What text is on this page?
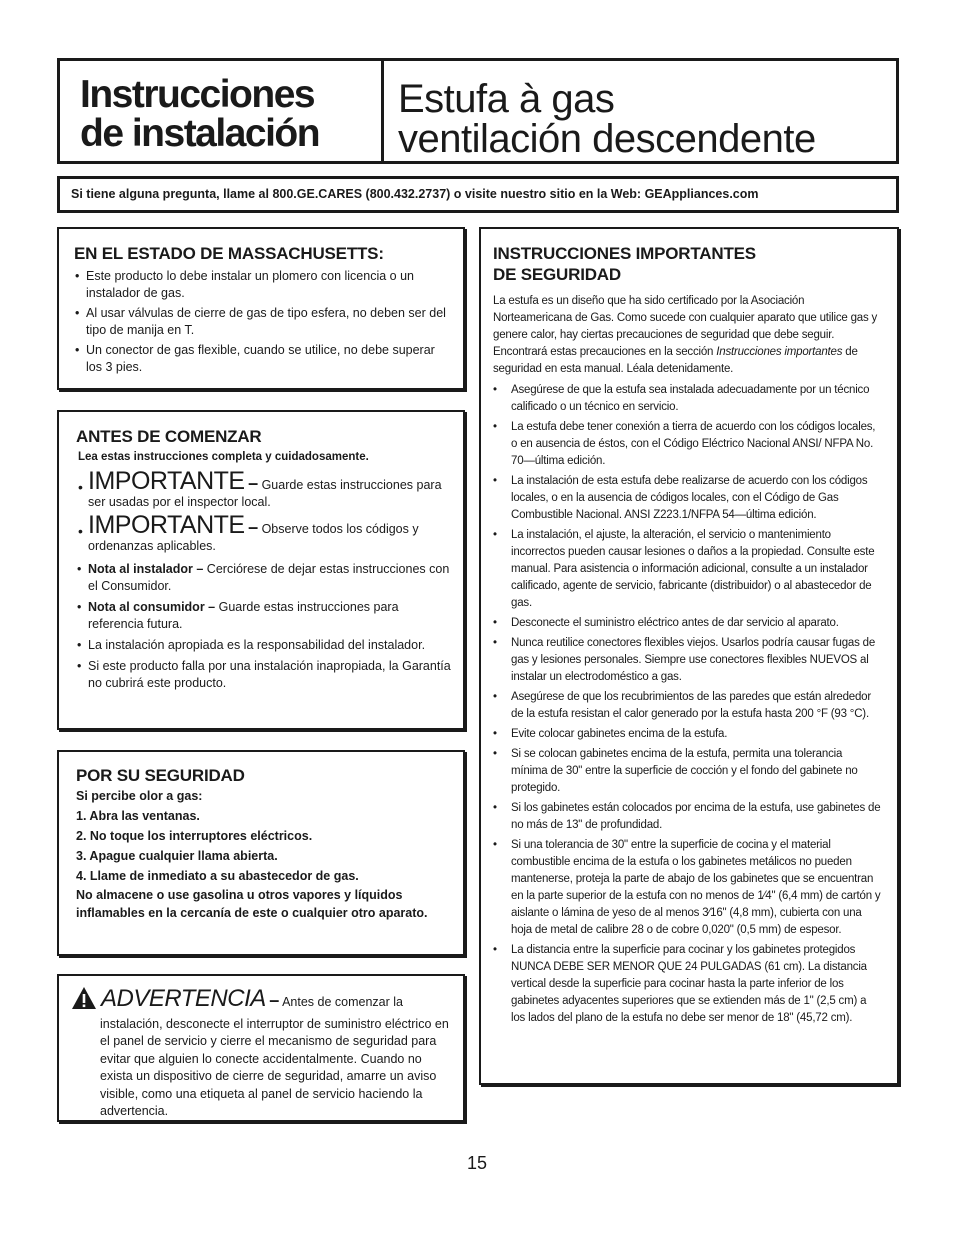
Instrucciones
de instalación
Estufa à gas
ventilación descendente
Si tiene alguna pregunta, llame al 800.GE.CARES (800.432.2737) o visite nuestro sitio en la Web: GEAppliances.com
EN EL ESTADO DE MASSACHUSETTS:
• Este producto lo debe instalar un plomero con licencia o un instalador de gas.
• Al usar válvulas de cierre de gas de tipo esfera, no deben ser del tipo de manija en T.
• Un conector de gas flexible, cuando se utilice, no debe superar los 3 pies.
ANTES DE COMENZAR
Lea estas instrucciones completa y cuidadosamente.
• IMPORTANTE – Guarde estas instrucciones para ser usadas por el inspector local.
• IMPORTANTE – Observe todos los códigos y ordenanzas aplicables.
• Nota al instalador – Cerciórese de dejar estas instrucciones con el Consumidor.
• Nota al consumidor – Guarde estas instrucciones para referencia futura.
• La instalación apropiada es la responsabilidad del instalador.
• Si este producto falla por una instalación inapropiada, la Garantía no cubrirá este producto.
POR SU SEGURIDAD
Si percibe olor a gas:
1. Abra las ventanas.
2. No toque los interruptores eléctricos.
3. Apague cualquier llama abierta.
4. Llame de inmediato a su abastecedor de gas.
No almacene o use gasolina u otros vapores y líquidos inflamables en la cercanía de este o cualquier otro aparato.
ADVERTENCIA – Antes de comenzar la
instalación, desconecte el interruptor de suministro eléctrico en el panel de servicio y cierre el mecanismo de seguridad para evitar que alguien lo conecte accidentalmente. Cuando no exista un dispositivo de cierre de seguridad, amarre un aviso visible, como una etiqueta al panel de servicio haciendo la advertencia.
INSTRUCCIONES IMPORTANTES
DE SEGURIDAD
La estufa es un diseño que ha sido certificado por la Asociación Norteamericana de Gas. Como sucede con cualquier aparato que utilice gas y genere calor, hay ciertas precauciones de seguridad que debe seguir. Encontrará estas precauciones en la sección Instrucciones importantes de seguridad en esta manual. Léala detenidamente.
• Asegúrese de que la estufa sea instalada adecuadamente por un técnico calificado o un técnico en servicio.
• La estufa debe tener conexión a tierra de acuerdo con los códigos locales, o en ausencia de éstos, con el Código Eléctrico Nacional ANSI/ NFPA No. 70—última edición.
• La instalación de esta estufa debe realizarse de acuerdo con los códigos locales, o en la ausencia de códigos locales, con el Código de Gas Combustible Nacional. ANSI Z223.1/NFPA 54—última edición.
• La instalación, el ajuste, la alteración, el servicio o mantenimiento incorrectos pueden causar lesiones o daños a la propiedad. Consulte este manual. Para asistencia o información adicional, consulte a un instalador calificado, agente de servicio, fabricante (distribuidor) o al abastecedor de gas.
• Desconecte el suministro eléctrico antes de dar servicio al aparato.
• Nunca reutilice conectores flexibles viejos. Usarlos podría causar fugas de gas y lesiones personales. Siempre use conectores flexibles NUEVOS al instalar un electrodoméstico a gas.
• Asegúrese de que los recubrimientos de las paredes que están alrededor de la estufa resistan el calor generado por la estufa hasta 200 °F (93 °C).
• Evite colocar gabinetes encima de la estufa.
• Si se colocan gabinetes encima de la estufa, permita una tolerancia mínima de 30" entre la superficie de cocción y el fondo del gabinete no protegido.
• Si los gabinetes están colocados por encima de la estufa, use gabinetes de no más de 13" de profundidad.
• Si una tolerancia de 30" entre la superficie de cocina y el material combustible encima de la estufa o los gabinetes metálicos no pueden mantenerse, proteja la parte de abajo de los gabinetes que se encuentran en la parte superior de la estufa con no menos de 1⁄4" (6,4 mm) de cartón y aislante o lámina de yeso de al menos 3⁄16" (4,8 mm), cubierta con una hoja de metal de calibre 28 o de cobre 0,020" (0,5 mm) de espesor.
• La distancia entre la superficie para cocinar y los gabinetes protegidos NUNCA DEBE SER MENOR QUE 24 PULGADAS (61 cm). La distancia vertical desde la superficie para cocinar hasta la parte inferior de los gabinetes adyacentes superiores que se extienden más de 1" (2,5 cm) a los lados del plano de la estufa no debe ser menor de 18" (45,72 cm).
15
